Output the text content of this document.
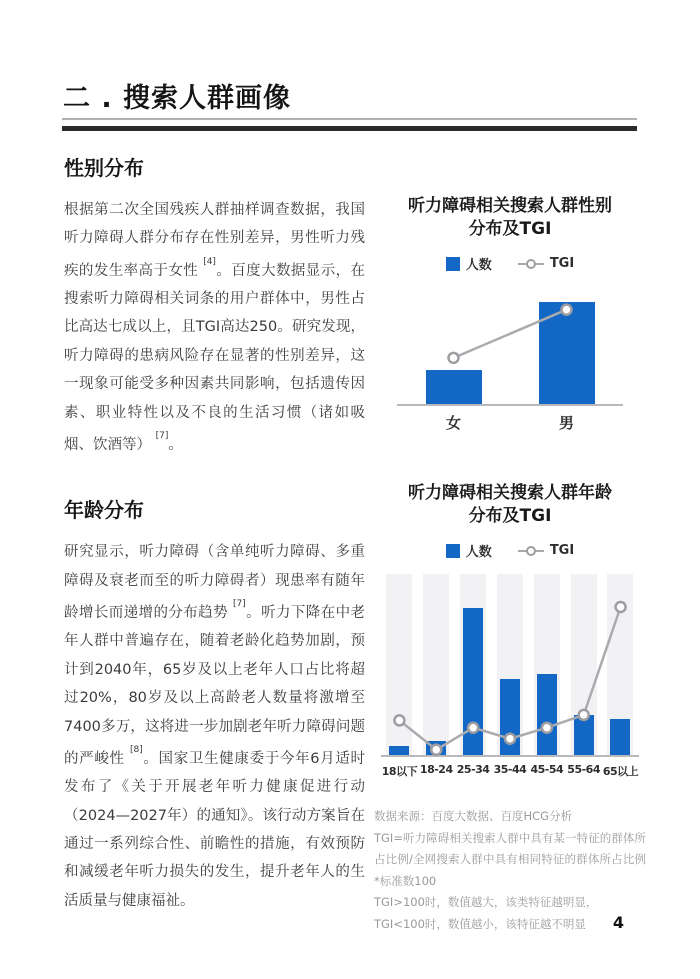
二 . 搜索人群画像
性别分布
根据第二次全国残疾人群抽样调查数据，我国听力障碍人群分布存在性别差异，男性听力残疾的发生率高于女性 [4]。百度大数据显示，在搜索听力障碍相关词条的用户群体中，男性占比高达七成以上，且TGI高达250。研究发现，听力障碍的患病风险存在显著的性别差异，这一现象可能受多种因素共同影响，包括遗传因素、职业特性以及不良的生活习惯（诸如吸烟、饮酒等） [7]。
年龄分布
研究显示，听力障碍（含单纯听力障碍、多重障碍及衰老而至的听力障碍者）现患率有随年龄增长而递增的分布趋势 [7]。听力下降在中老年人群中普遍存在，随着老龄化趋势加剧，预计到2040年，65岁及以上老年人口占比将超过20%，80岁及以上高龄老人数量将激增至7400多万，这将进一步加剧老年听力障碍问题的严峻性 [8]。国家卫生健康委于今年6月适时发布了《关于开展老年听力健康促进行动（2024—2027年）的通知》。该行动方案旨在通过一系列综合性、前瞻性的措施，有效预防和减缓老年听力损失的发生，提升老年人的生活质量与健康福祉。
听力障碍相关搜索人群性别
分布及TGI
人数	TGI
女	男
听力障碍相关搜索人群年龄
分布及TGI
人数	TGI
18以下 18-24 25-34 35-44 45-54 55-64 65以上
数据来源：百度大数据、百度HCG分析
TGI=听力障碍相关搜索人群中具有某一特征的群体所占比例/全网搜索人群中具有相同特征的群体所占比例*标准数100
TGI>100时，数值越大，该类特征越明显，
TGI<100时，数值越小，该特征越不明显	4
